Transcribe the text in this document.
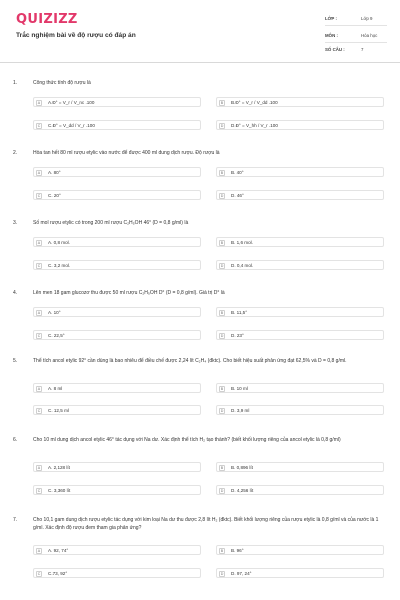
QUIZIZZ
Trắc nghiệm bài về độ rượu có đáp án
LỚP :	Lớp 9
MÔN :	Hóa học
SỐ CÂU :	7
1.	Công thức tính độ rượu là
A	A.Đ° = V_r / V_nc .100	B	B.Đ° = V_r / V_dd .100
C	C.Đ° = V_dd / V_r .100	D	D.Đ° = V_hh / V_r .100
2.	Hòa tan hết 80 ml rượu etylic vào nước để được 400 ml dung dịch rượu. Độ rượu là
A	A. 80°	B	B. 40°
C	C. 20°	D	D. 46°
3.	Số mol rượu etylic có trong 200 ml rượu C₂H₅OH 46° (D = 0,8 g/ml) là
A	A. 0,8 mol.	B	B. 1,6 mol.
C	C. 3,2 mol.	D	D. 0,4 mol.
4.	Lên men 18 gam glucozơ thu được 50 ml rượu C₂H₅OH D° (D = 0,8 g/ml). Giá trị D° là
A	A. 10°	B	B. 11,5°
C	C. 22,5°	D	D. 23°
5.	Thể tích ancol etylic 92° cần dùng là bao nhiêu để điều chế được 2,24 lít C₂H₄ (đktc). Cho biết hiệu suất phản ứng đạt 62,5% và D = 0,8 g/ml.
A	A. 8 ml	B	B. 10 ml
C	C. 12,5 ml	D	D. 3,9 ml
6.	Cho 10 ml dung dịch ancol etylic 46° tác dụng với Na dư. Xác định thể tích H₂ tạo thành? (biết khối lượng riêng của ancol etylic là 0,8 g/ml)
A	A. 2,128 lít	B	B. 0,896 lít
C	C. 3,360 lít	D	D. 4,256 lít
7.	Cho 10,1 gam dung dịch rượu etylic tác dụng với kim loại Na dư thu được 2,8 lít H₂ (đktc). Biết khối lượng riêng của rượu etylic là 0,8 g/ml và của nước là 1 g/ml. Xác định độ rượu đem tham gia phản ứng?
A	A. 92, 74°	B	B. 96°
C	C.73, 92°	D	D. 97, 24°
